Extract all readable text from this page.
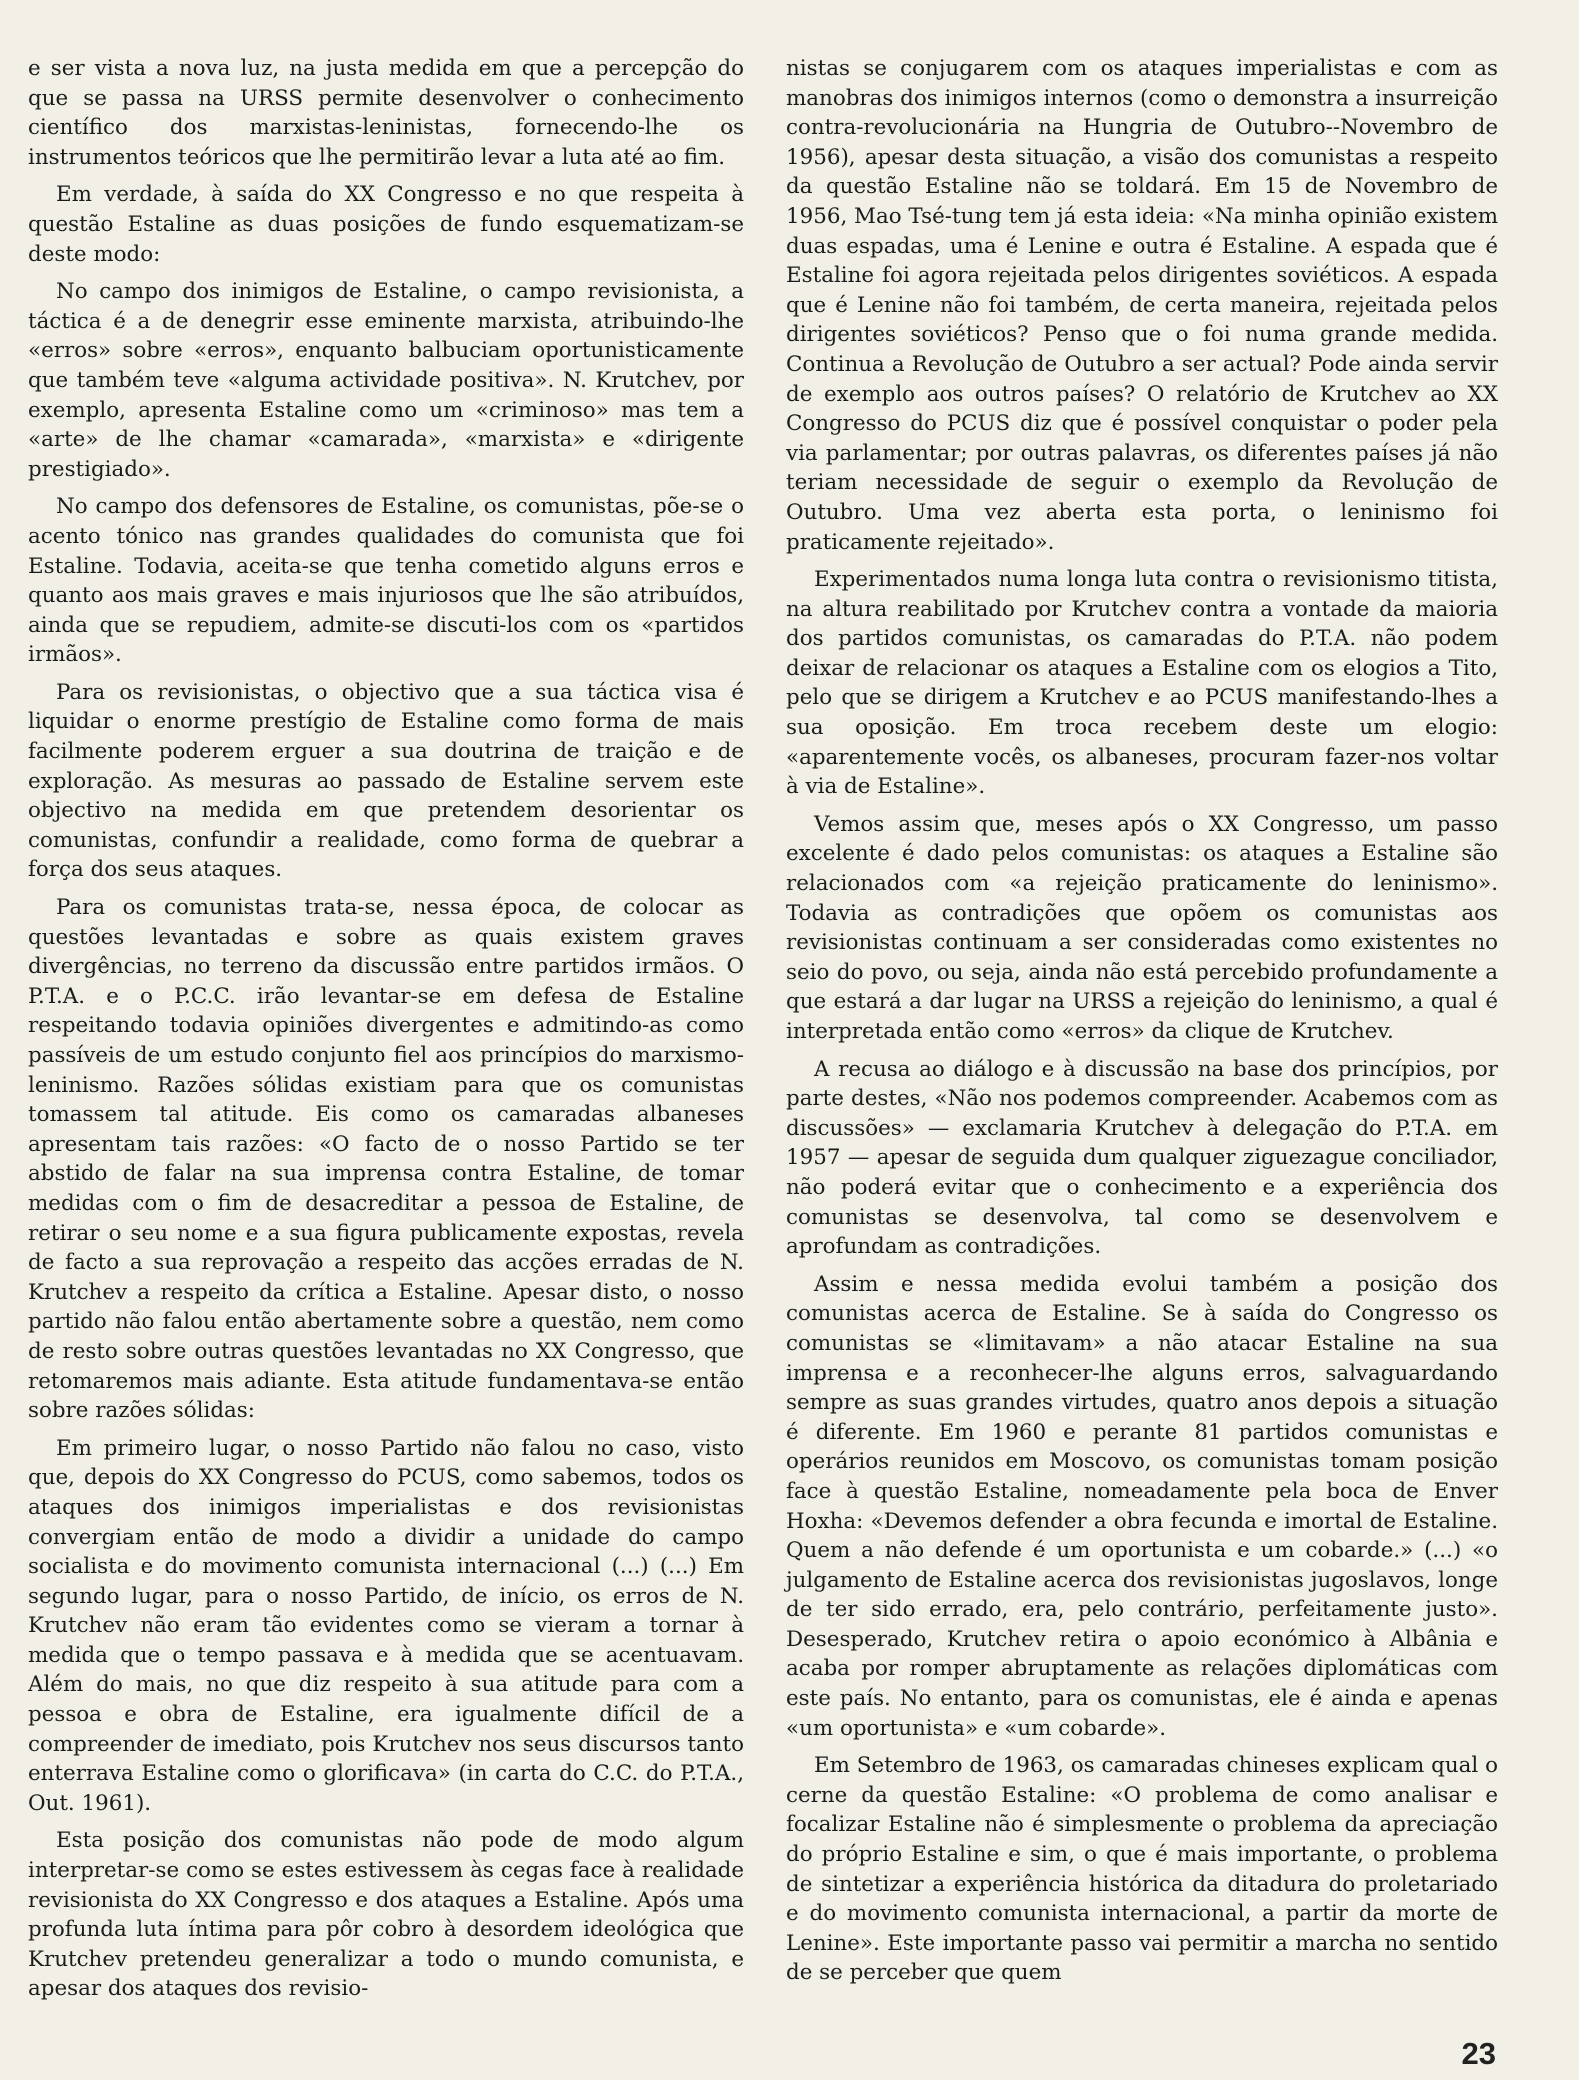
e ser vista a nova luz, na justa medida em que a percepção do que se passa na URSS permite desenvolver o conhecimento científico dos marxistas-leninistas, fornecendo-lhe os instrumentos teóricos que lhe permitirão levar a luta até ao fim.

Em verdade, à saída do XX Congresso e no que respeita à questão Estaline as duas posições de fundo esquematizam-se deste modo:

No campo dos inimigos de Estaline, o campo revisionista, a táctica é a de denegrir esse eminente marxista, atribuindo-lhe «erros» sobre «erros», enquanto balbuciam oportunisticamente que também teve «alguma actividade positiva». N. Krutchev, por exemplo, apresenta Estaline como um «criminoso» mas tem a «arte» de lhe chamar «camarada», «marxista» e «dirigente prestigiado».

No campo dos defensores de Estaline, os comunistas, põe-se o acento tónico nas grandes qualidades do comunista que foi Estaline. Todavia, aceita-se que tenha cometido alguns erros e quanto aos mais graves e mais injuriosos que lhe são atribuídos, ainda que se repudiem, admite-se discuti-los com os «partidos irmãos».

Para os revisionistas, o objectivo que a sua táctica visa é liquidar o enorme prestígio de Estaline como forma de mais facilmente poderem erguer a sua doutrina de traição e de exploração. As mesuras ao passado de Estaline servem este objectivo na medida em que pretendem desorientar os comunistas, confundir a realidade, como forma de quebrar a força dos seus ataques.

Para os comunistas trata-se, nessa época, de colocar as questões levantadas e sobre as quais existem graves divergências, no terreno da discussão entre partidos irmãos. O P.T.A. e o P.C.C. irão levantar-se em defesa de Estaline respeitando todavia opiniões divergentes e admitindo-as como passíveis de um estudo conjunto fiel aos princípios do marxismo-leninismo. Razões sólidas existiam para que os comunistas tomassem tal atitude. Eis como os camaradas albaneses apresentam tais razões: «O facto de o nosso Partido se ter abstido de falar na sua imprensa contra Estaline, de tomar medidas com o fim de desacreditar a pessoa de Estaline, de retirar o seu nome e a sua figura publicamente expostas, revela de facto a sua reprovação a respeito das acções erradas de N. Krutchev a respeito da crítica a Estaline. Apesar disto, o nosso partido não falou então abertamente sobre a questão, nem como de resto sobre outras questões levantadas no XX Congresso, que retomaremos mais adiante. Esta atitude fundamentava-se então sobre razões sólidas:

Em primeiro lugar, o nosso Partido não falou no caso, visto que, depois do XX Congresso do PCUS, como sabemos, todos os ataques dos inimigos imperialistas e dos revisionistas convergiam então de modo a dividir a unidade do campo socialista e do movimento comunista internacional (...) (...) Em segundo lugar, para o nosso Partido, de início, os erros de N. Krutchev não eram tão evidentes como se vieram a tornar à medida que o tempo passava e à medida que se acentuavam. Além do mais, no que diz respeito à sua atitude para com a pessoa e obra de Estaline, era igualmente difícil de a compreender de imediato, pois Krutchev nos seus discursos tanto enterrava Estaline como o glorificava» (in carta do C.C. do P.T.A., Out. 1961).

Esta posição dos comunistas não pode de modo algum interpretar-se como se estes estivessem às cegas face à realidade revisionista do XX Congresso e dos ataques a Estaline. Após uma profunda luta íntima para pôr cobro à desordem ideológica que Krutchev pretendeu generalizar a todo o mundo comunista, e apesar dos ataques dos revisio-

nistas se conjugarem com os ataques imperialistas e com as manobras dos inimigos internos (como o demonstra a insurreição contra-revolucionária na Hungria de Outubro--Novembro de 1956), apesar desta situação, a visão dos comunistas a respeito da questão Estaline não se toldará. Em 15 de Novembro de 1956, Mao Tsé-tung tem já esta ideia: «Na minha opinião existem duas espadas, uma é Lenine e outra é Estaline. A espada que é Estaline foi agora rejeitada pelos dirigentes soviéticos. A espada que é Lenine não foi também, de certa maneira, rejeitada pelos dirigentes soviéticos? Penso que o foi numa grande medida. Continua a Revolução de Outubro a ser actual? Pode ainda servir de exemplo aos outros países? O relatório de Krutchev ao XX Congresso do PCUS diz que é possível conquistar o poder pela via parlamentar; por outras palavras, os diferentes países já não teriam necessidade de seguir o exemplo da Revolução de Outubro. Uma vez aberta esta porta, o leninismo foi praticamente rejeitado».

Experimentados numa longa luta contra o revisionismo titista, na altura reabilitado por Krutchev contra a vontade da maioria dos partidos comunistas, os camaradas do P.T.A. não podem deixar de relacionar os ataques a Estaline com os elogios a Tito, pelo que se dirigem a Krutchev e ao PCUS manifestando-lhes a sua oposição. Em troca recebem deste um elogio: «aparentemente vocês, os albaneses, procuram fazer-nos voltar à via de Estaline».

Vemos assim que, meses após o XX Congresso, um passo excelente é dado pelos comunistas: os ataques a Estaline são relacionados com «a rejeição praticamente do leninismo». Todavia as contradições que opõem os comunistas aos revisionistas continuam a ser consideradas como existentes no seio do povo, ou seja, ainda não está percebido profundamente a que estará a dar lugar na URSS a rejeição do leninismo, a qual é interpretada então como «erros» da clique de Krutchev.

A recusa ao diálogo e à discussão na base dos princípios, por parte destes, «Não nos podemos compreender. Acabemos com as discussões» — exclamaria Krutchev à delegação do P.T.A. em 1957 — apesar de seguida dum qualquer ziguezague conciliador, não poderá evitar que o conhecimento e a experiência dos comunistas se desenvolva, tal como se desenvolvem e aprofundam as contradições.

Assim e nessa medida evolui também a posição dos comunistas acerca de Estaline. Se à saída do Congresso os comunistas se «limitavam» a não atacar Estaline na sua imprensa e a reconhecer-lhe alguns erros, salvaguardando sempre as suas grandes virtudes, quatro anos depois a situação é diferente. Em 1960 e perante 81 partidos comunistas e operários reunidos em Moscovo, os comunistas tomam posição face à questão Estaline, nomeadamente pela boca de Enver Hoxha: «Devemos defender a obra fecunda e imortal de Estaline. Quem a não defende é um oportunista e um cobarde.» (...) «o julgamento de Estaline acerca dos revisionistas jugoslavos, longe de ter sido errado, era, pelo contrário, perfeitamente justo». Desesperado, Krutchev retira o apoio económico à Albânia e acaba por romper abruptamente as relações diplomáticas com este país. No entanto, para os comunistas, ele é ainda e apenas «um oportunista» e «um cobarde».

Em Setembro de 1963, os camaradas chineses explicam qual o cerne da questão Estaline: «O problema de como analisar e focalizar Estaline não é simplesmente o problema da apreciação do próprio Estaline e sim, o que é mais importante, o problema de sintetizar a experiência histórica da ditadura do proletariado e do movimento comunista internacional, a partir da morte de Lenine». Este importante passo vai permitir a marcha no sentido de se perceber que quem

23
